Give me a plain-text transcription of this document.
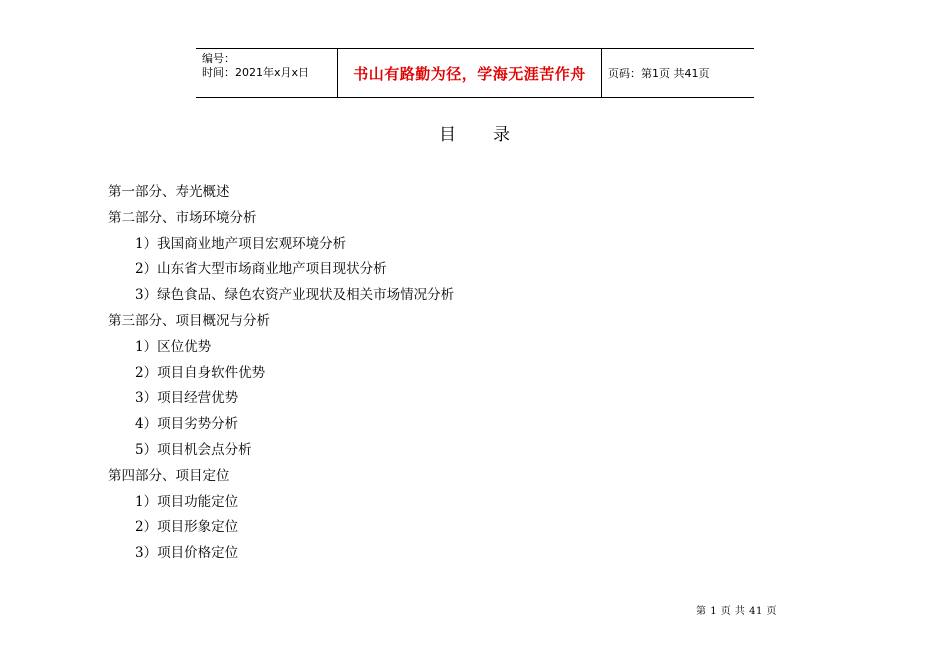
编号：
时间：2021年x月x日	书山有路勤为径，学海无涯苦作舟 页码：第1页 共41页
目　　录
第一部分、寿光概述
第二部分、市场环境分析
1）我国商业地产项目宏观环境分析
2）山东省大型市场商业地产项目现状分析
3）绿色食品、绿色农资产业现状及相关市场情况分析
第三部分、项目概况与分析
1）区位优势
2）项目自身软件优势
3）项目经营优势
4）项目劣势分析
5）项目机会点分析
第四部分、项目定位
1）项目功能定位
2）项目形象定位
3）项目价格定位
第 1 页 共 41 页
